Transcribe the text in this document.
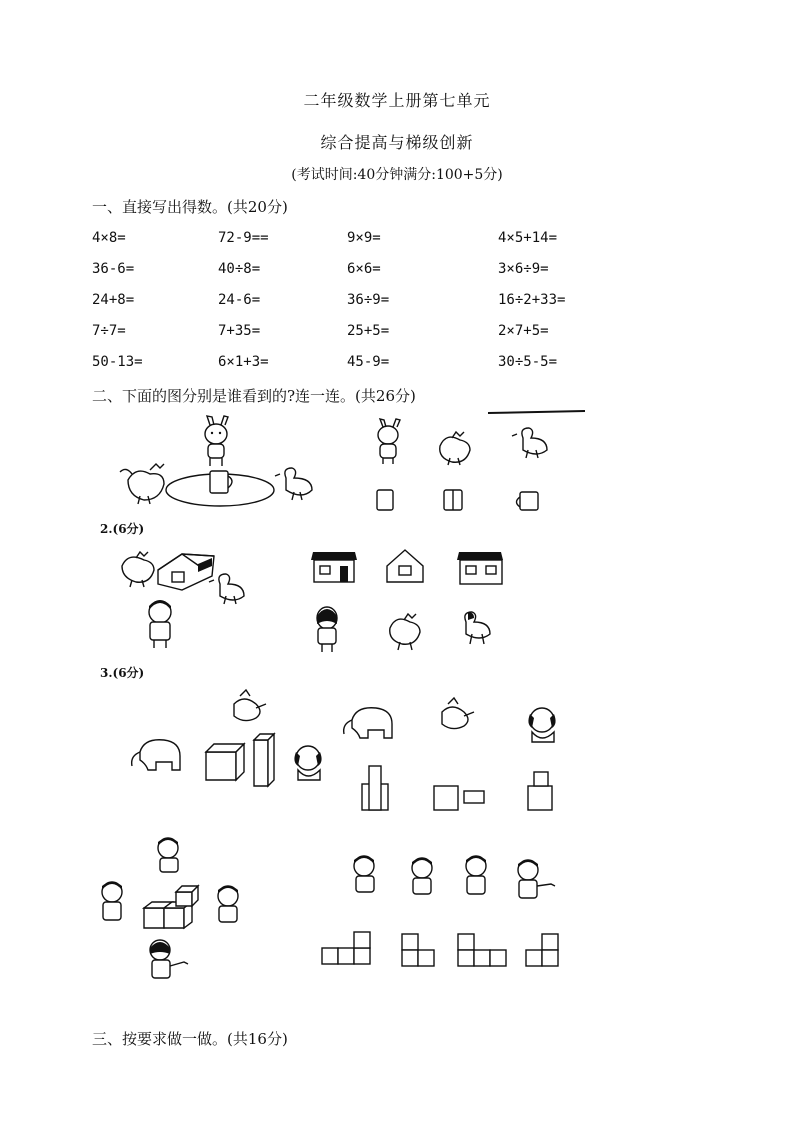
二年级数学上册第七单元
综合提高与梯级创新
(考试时间:40分钟满分:100+5分)
一、直接写出得数。(共20分)
4×8=	72-9==	9×9=	4×5+14=
36-6=	40÷8=	6×6=	3×6÷9=
24+8=	24-6=	36÷9=	16÷2+33=
7÷7=	7+35=	25+5=	2×7+5=
50-13=	6×1+3=	45-9=	30÷5-5=
二、下面的图分别是谁看到的?连一连。(共26分)
2.(6分)
3.(6分)
三、按要求做一做。(共16分)
